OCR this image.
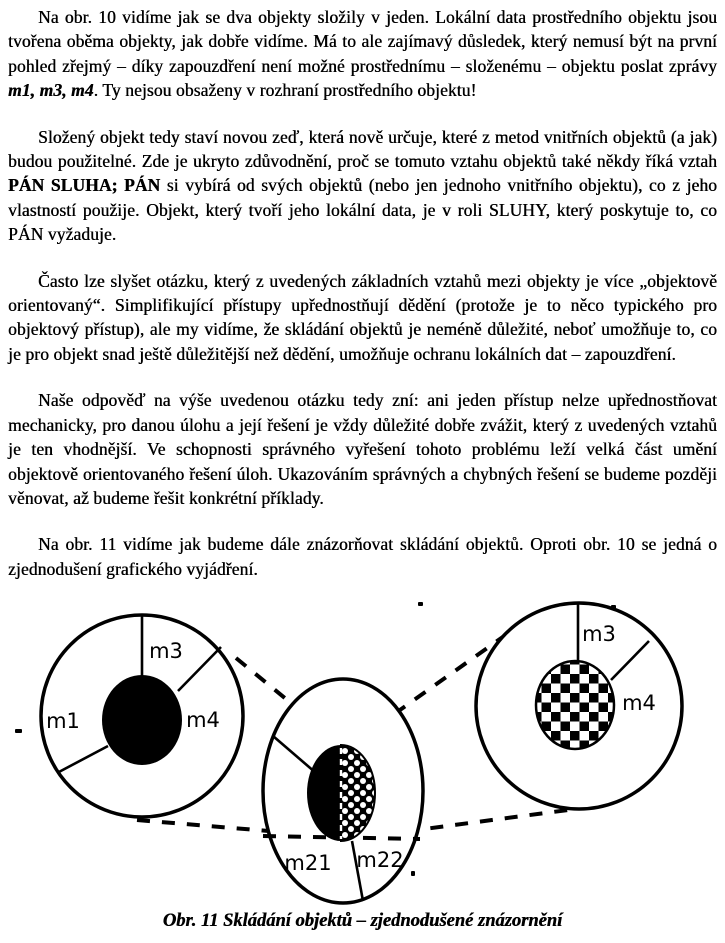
Na obr. 10 vidíme jak se dva objekty složily v jeden. Lokální data prostředního objektu jsou tvořena oběma objekty, jak dobře vidíme. Má to ale zajímavý důsledek, který nemusí být na první pohled zřejmý – díky zapouzdření není možné prostřednímu – složenému – objektu poslat zprávy m1, m3, m4. Ty nejsou obsaženy v rozhraní prostředního objektu!

Složený objekt tedy staví novou zeď, která nově určuje, které z metod vnitřních objektů (a jak) budou použitelné. Zde je ukryto zdůvodnění, proč se tomuto vztahu objektů také někdy říká vztah PÁN SLUHA; PÁN si vybírá od svých objektů (nebo jen jednoho vnitřního objektu), co z jeho vlastností použije. Objekt, který tvoří jeho lokální data, je v roli SLUHY, který poskytuje to, co PÁN vyžaduje.

Často lze slyšet otázku, který z uvedených základních vztahů mezi objekty je více „objektově orientovaný“. Simplifikující přístupy upřednostňují dědění (protože je to něco typického pro objektový přístup), ale my vidíme, že skládání objektů je neméně důležité, neboť umožňuje to, co je pro objekt snad ještě důležitější než dědění, umožňuje ochranu lokálních dat – zapouzdření.

Naše odpověď na výše uvedenou otázku tedy zní: ani jeden přístup nelze upřednostňovat mechanicky, pro danou úlohu a její řešení je vždy důležité dobře zvážit, který z uvedených vztahů je ten vhodnější. Ve schopnosti správného vyřešení tohoto problému leží velká část umění objektově orientovaného řešení úloh. Ukazováním správných a chybných řešení se budeme později věnovat, až budeme řešit konkrétní příklady.

Na obr. 11 vidíme jak budeme dále znázorňovat skládání objektů. Oproti obr. 10 se jedná o zjednodušení grafického vyjádření.

m1
m3
m4
m3
m4
m21 m22
Obr. 11 Skládání objektů – zjednodušené znázornění
